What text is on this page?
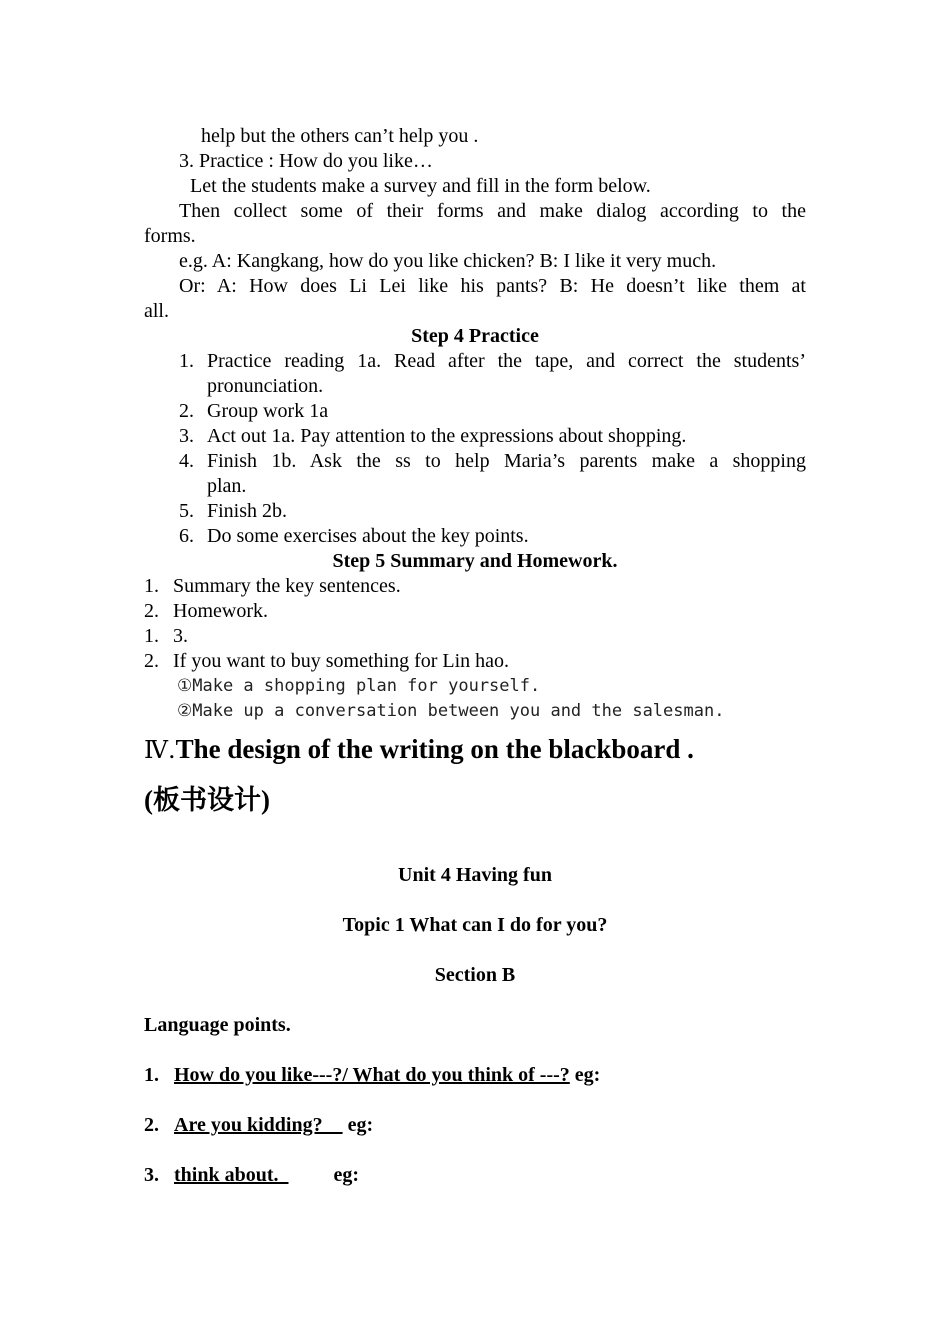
help but the others can’t help you .
3. Practice : How do you like…
Let the students make a survey and fill in the form below.
Then collect some of their forms and make dialog according to the
forms.
e.g. A: Kangkang, how do you like chicken? B: I like it very much.
Or: A: How does Li Lei like his pants? B: He doesn’t like them at
all.
Step 4 Practice
1. Practice reading 1a. Read after the tape, and correct the students’
pronunciation.
2. Group work 1a
3. Act out 1a. Pay attention to the expressions about shopping.
4. Finish 1b. Ask the ss to help Maria’s parents make a shopping
plan.
5. Finish 2b.
6. Do some exercises about the key points.
Step 5 Summary and Homework.
1. Summary the key sentences.
2. Homework.
1. 3.
2. If you want to buy something for Lin hao.
①Make a shopping plan for yourself.
②Make up a conversation between you and the salesman.
Ⅳ.The design of the writing on the blackboard .
(板书设计)
Unit 4 Having fun
Topic 1 What can I do for you?
Section B
Language points.
1. How do you like---?/ What do you think of ---? eg:
2. Are you kidding? eg:
3. think about. eg:
